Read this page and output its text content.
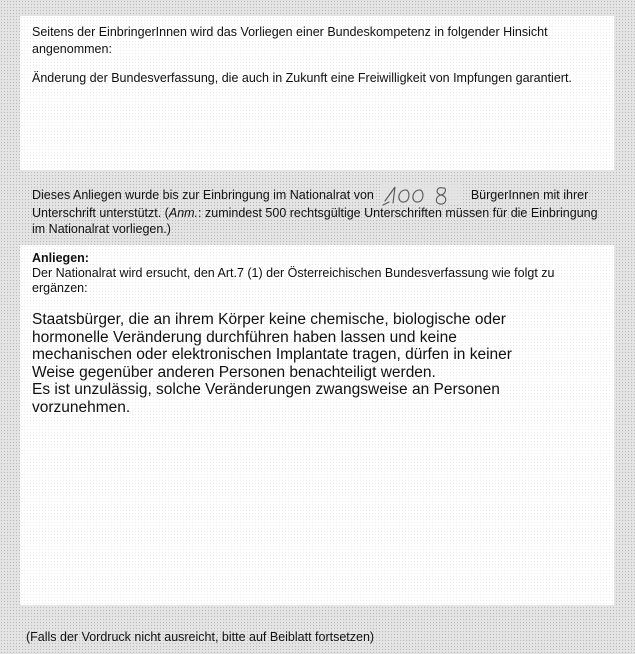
Seitens der EinbringerInnen wird das Vorliegen einer Bundeskompetenz in folgender Hinsicht angenommen:
Änderung der Bundesverfassung, die auch in Zukunft eine Freiwilligkeit von Impfungen garantiert.
Dieses Anliegen wurde bis zur Einbringung im Nationalrat von	BürgerInnen mit ihrer Unterschrift unterstützt. (Anm.: zumindest 500 rechtsgültige Unterschriften müssen für die Einbringung im Nationalrat vorliegen.)
Anliegen:
Der Nationalrat wird ersucht, den Art.7 (1) der Österreichischen Bundesverfassung wie folgt zu ergänzen:
Staatsbürger, die an ihrem Körper keine chemische, biologische oder
hormonelle Veränderung durchführen haben lassen und keine
mechanischen oder elektronischen Implantate tragen, dürfen in keiner
Weise gegenüber anderen Personen benachteiligt werden.
Es ist unzulässig, solche Veränderungen zwangsweise an Personen vorzunehmen.
(Falls der Vordruck nicht ausreicht, bitte auf Beiblatt fortsetzen)
